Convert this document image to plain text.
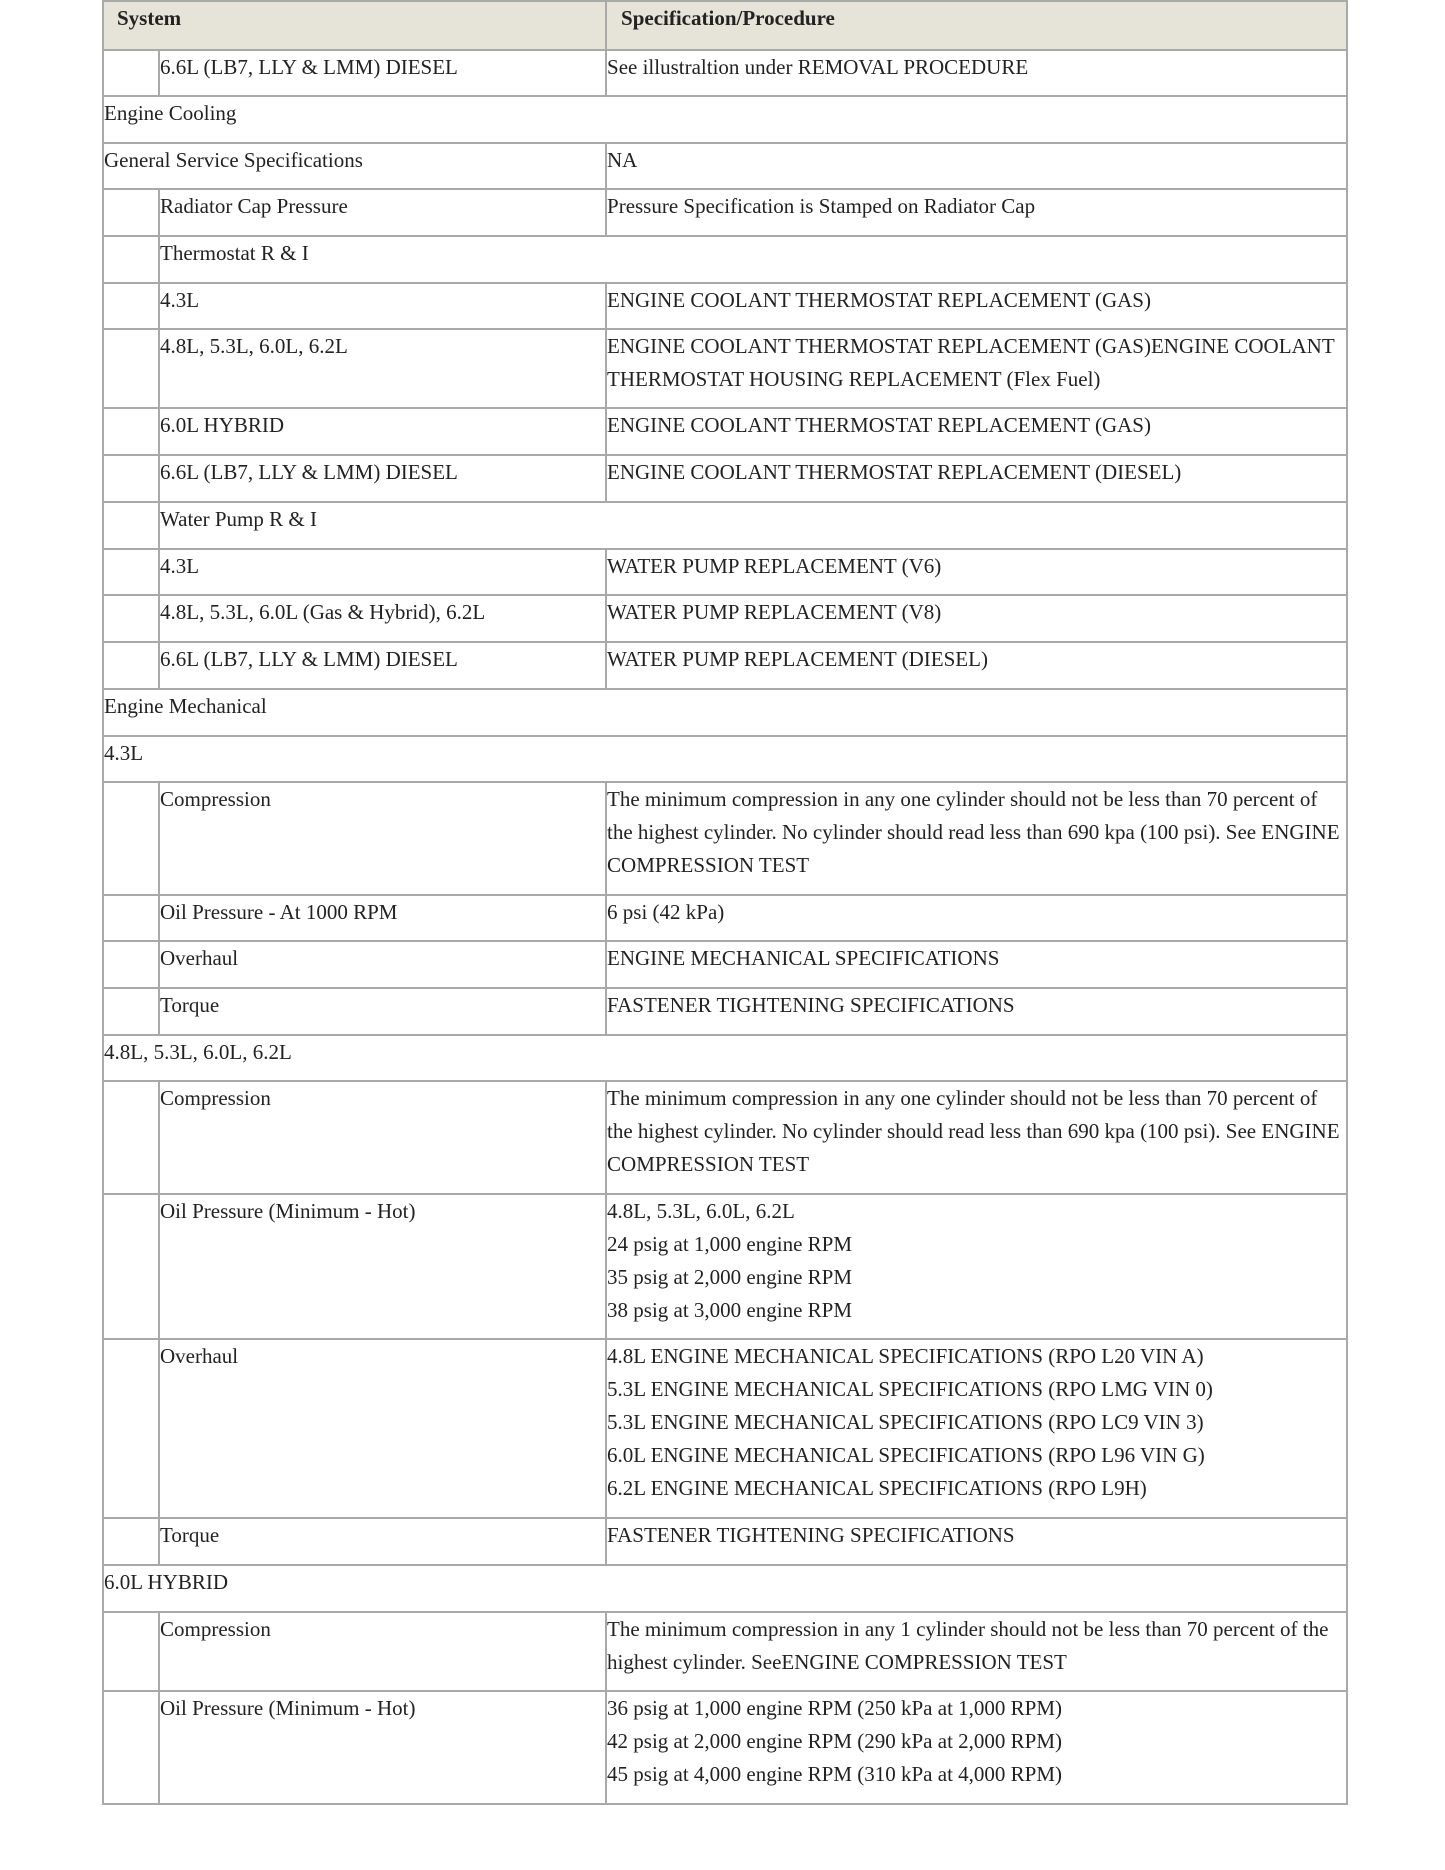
System		Specification/Procedure
	6.6L (LB7, LLY & LMM) DIESEL	See illustraltion under REMOVAL PROCEDURE

Engine Cooling		
General Service Specifications		NA

	Radiator Cap Pressure	Pressure Specification is Stamped on Radiator Cap

	Thermostat R & I	
	4.3L	ENGINE COOLANT THERMOSTAT REPLACEMENT (GAS)

	4.8L, 5.3L, 6.0L, 6.2L	ENGINE COOLANT THERMOSTAT REPLACEMENT (GAS)ENGINE COOLANT THERMOSTAT HOUSING REPLACEMENT (Flex Fuel)

	6.0L HYBRID	ENGINE COOLANT THERMOSTAT REPLACEMENT (GAS)

	6.6L (LB7, LLY & LMM) DIESEL	ENGINE COOLANT THERMOSTAT REPLACEMENT (DIESEL)

	Water Pump R & I	
	4.3L	WATER PUMP REPLACEMENT (V6)

	4.8L, 5.3L, 6.0L (Gas & Hybrid), 6.2L	WATER PUMP REPLACEMENT (V8)

	6.6L (LB7, LLY & LMM) DIESEL	WATER PUMP REPLACEMENT (DIESEL)

Engine Mechanical		
4.3L		
	Compression	The minimum compression in any one cylinder should not be less than 70 percent of the highest cylinder. No cylinder should read less than 690 kpa (100 psi). See ENGINE COMPRESSION TEST

	Oil Pressure - At 1000 RPM	6 psi (42 kPa)

	Overhaul	ENGINE MECHANICAL SPECIFICATIONS

	Torque	FASTENER TIGHTENING SPECIFICATIONS

4.8L, 5.3L, 6.0L, 6.2L		
	Compression	The minimum compression in any one cylinder should not be less than 70 percent of the highest cylinder. No cylinder should read less than 690 kpa (100 psi). See ENGINE COMPRESSION TEST

	Oil Pressure (Minimum - Hot)	4.8L, 5.3L, 6.0L, 6.2L
24 psig at 1,000 engine RPM
35 psig at 2,000 engine RPM
38 psig at 3,000 engine RPM

	Overhaul	4.8L ENGINE MECHANICAL SPECIFICATIONS (RPO L20 VIN A)
5.3L ENGINE MECHANICAL SPECIFICATIONS (RPO LMG VIN 0)
5.3L ENGINE MECHANICAL SPECIFICATIONS (RPO LC9 VIN 3)
6.0L ENGINE MECHANICAL SPECIFICATIONS (RPO L96 VIN G)
6.2L ENGINE MECHANICAL SPECIFICATIONS (RPO L9H)

	Torque	FASTENER TIGHTENING SPECIFICATIONS

6.0L HYBRID		
	Compression	The minimum compression in any 1 cylinder should not be less than 70 percent of the highest cylinder. SeeENGINE COMPRESSION TEST

	Oil Pressure (Minimum - Hot)	36 psig at 1,000 engine RPM (250 kPa at 1,000 RPM)
42 psig at 2,000 engine RPM (290 kPa at 2,000 RPM)
45 psig at 4,000 engine RPM (310 kPa at 4,000 RPM)
